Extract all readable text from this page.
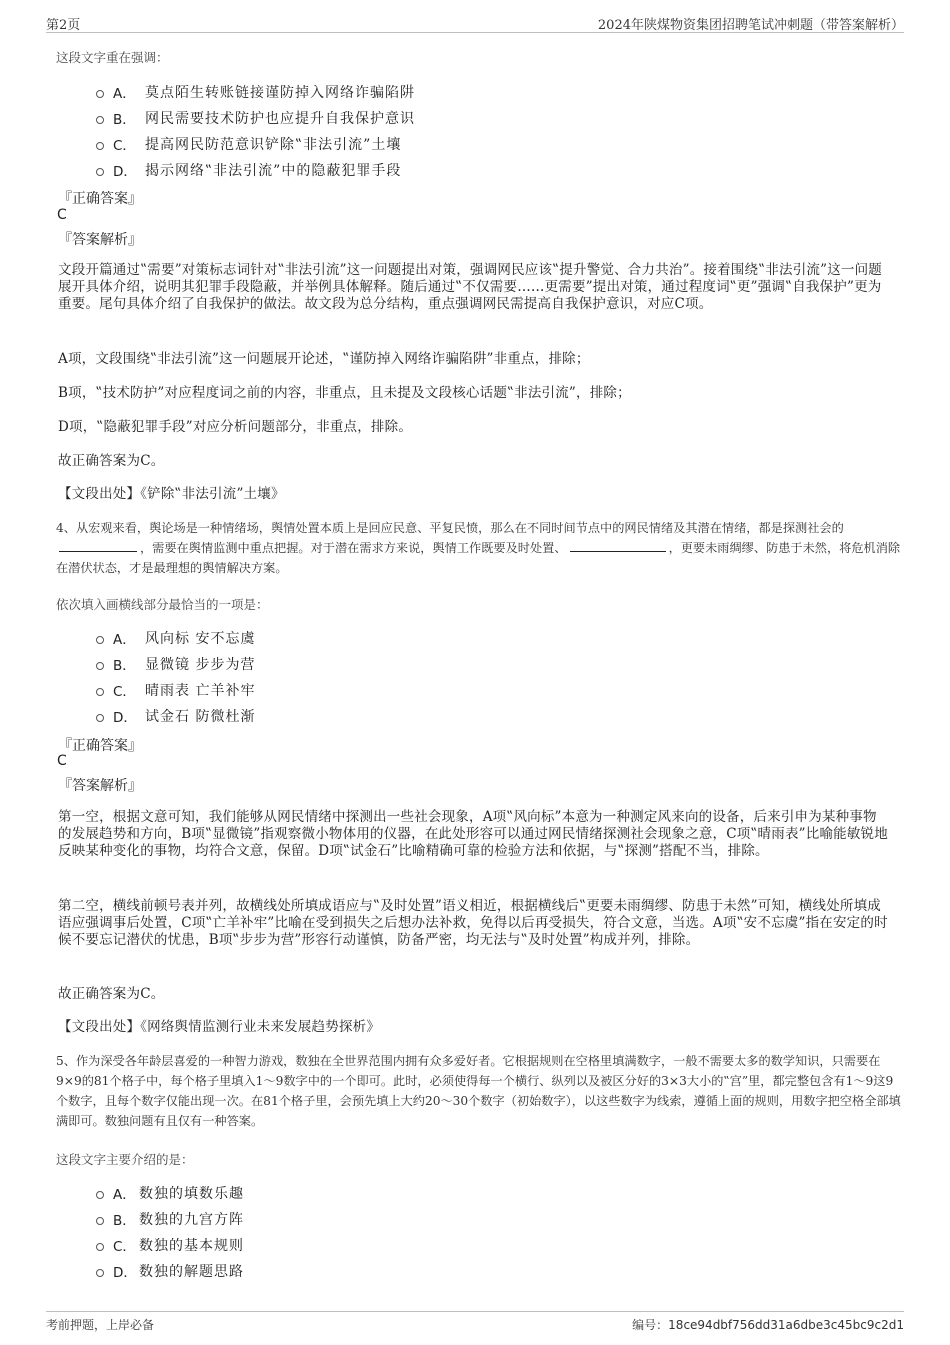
第2页	2024年陕煤物资集团招聘笔试冲刺题（带答案解析）
这段文字重在强调：
A． 莫点陌生转账链接谨防掉入网络诈骗陷阱
B． 网民需要技术防护也应提升自我保护意识
C． 提高网民防范意识铲除‟非法引流”土壤
D． 揭示网络‟非法引流”中的隐蔽犯罪手段
『正确答案』
C
『答案解析』
文段开篇通过‟需要”对策标志词针对‟非法引流”这一问题提出对策，强调网民应该‟提升警觉、合力共治”。接着围绕‟非法引流”这一问题展开具体介绍，说明其犯罪手段隐蔽，并举例具体解释。随后通过‟不仅需要……更需要”提出对策，通过程度词‟更”强调‟自我保护”更为重要。尾句具体介绍了自我保护的做法。故文段为总分结构，重点强调网民需提高自我保护意识，对应C项。
A项，文段围绕‟非法引流”这一问题展开论述，‟谨防掉入网络诈骗陷阱”非重点，排除；
B项，‟技术防护”对应程度词之前的内容，非重点，且未提及文段核心话题‟非法引流”，排除；
D项，‟隐蔽犯罪手段”对应分析问题部分，非重点，排除。
故正确答案为C。
【文段出处】《铲除‟非法引流”土壤》
4、从宏观来看，舆论场是一种情绪场，舆情处置本质上是回应民意、平复民愤，那么在不同时间节点中的网民情绪及其潜在情绪，都是探测社会的，需要在舆情监测中重点把握。对于潜在需求方来说，舆情工作既要及时处置、	，更要未雨绸缪、防患于未然，将危机消除在潜伏状态，才是最理想的舆情解决方案。
依次填入画横线部分最恰当的一项是：
A． 风向标 安不忘虞
B． 显微镜 步步为营
C． 晴雨表 亡羊补牢
D． 试金石 防微杜渐
『正确答案』
C
『答案解析』
第一空，根据文意可知，我们能够从网民情绪中探测出一些社会现象，A项‟风向标”本意为一种测定风来向的设备，后来引申为某种事物的发展趋势和方向，B项‟显微镜”指观察微小物体用的仪器，在此处形容可以通过网民情绪探测社会现象之意，C项‟晴雨表”比喻能敏锐地反映某种变化的事物，均符合文意，保留。D项‟试金石”比喻精确可靠的检验方法和依据，与‟探测”搭配不当，排除。
第二空，横线前顿号表并列，故横线处所填成语应与‟及时处置”语义相近，根据横线后‟更要未雨绸缪、防患于未然”可知，横线处所填成语应强调事后处置，C项‟亡羊补牢”比喻在受到损失之后想办法补救，免得以后再受损失，符合文意，当选。A项‟安不忘虞”指在安定的时候不要忘记潜伏的忧患，B项‟步步为营”形容行动谨慎，防备严密，均无法与‟及时处置”构成并列，排除。
故正确答案为C。
【文段出处】《网络舆情监测行业未来发展趋势探析》
5、作为深受各年龄层喜爱的一种智力游戏，数独在全世界范围内拥有众多爱好者。它根据规则在空格里填满数字，一般不需要太多的数学知识，只需要在9×9的81个格子中，每个格子里填入1～9数字中的一个即可。此时，必须使得每一个横行、纵列以及被区分好的3×3大小的‟宫”里，都完整包含有1～9这9个数字，且每个数字仅能出现一次。在81个格子里，会预先填上大约20～30个数字（初始数字），以这些数字为线索，遵循上面的规则，用数字把空格全部填满即可。数独问题有且仅有一种答案。
这段文字主要介绍的是：
A． 数独的填数乐趣
B． 数独的九宫方阵
C． 数独的基本规则
D． 数独的解题思路
考前押题，上岸必备	编号：18ce94dbf756dd31a6dbe3c45bc9c2d1
